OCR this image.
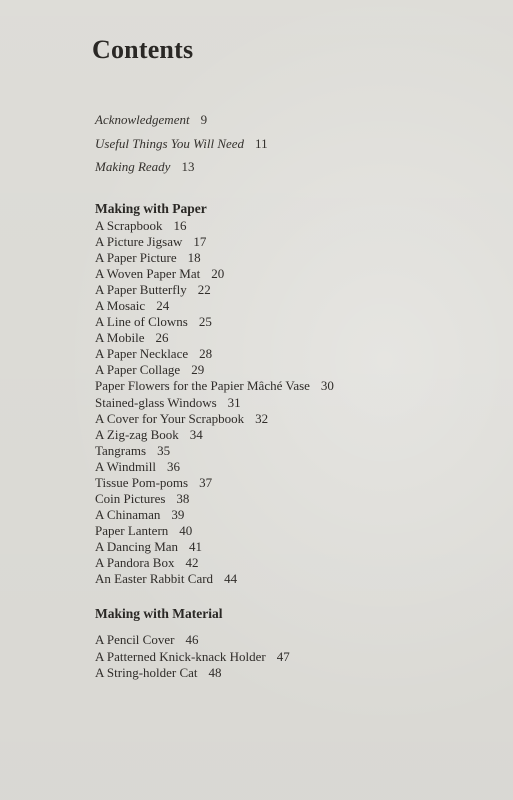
Contents
Acknowledgement 9
Useful Things You Will Need 11
Making Ready 13
Making with Paper
A Scrapbook 16
A Picture Jigsaw 17
A Paper Picture 18
A Woven Paper Mat 20
A Paper Butterfly 22
A Mosaic 24
A Line of Clowns 25
A Mobile 26
A Paper Necklace 28
A Paper Collage 29
Paper Flowers for the Papier Mâché Vase 30
Stained-glass Windows 31
A Cover for Your Scrapbook 32
A Zig-zag Book 34
Tangrams 35
A Windmill 36
Tissue Pom-poms 37
Coin Pictures 38
A Chinaman 39
Paper Lantern 40
A Dancing Man 41
A Pandora Box 42
An Easter Rabbit Card 44
Making with Material
A Pencil Cover 46
A Patterned Knick-knack Holder 47
A String-holder Cat 48
